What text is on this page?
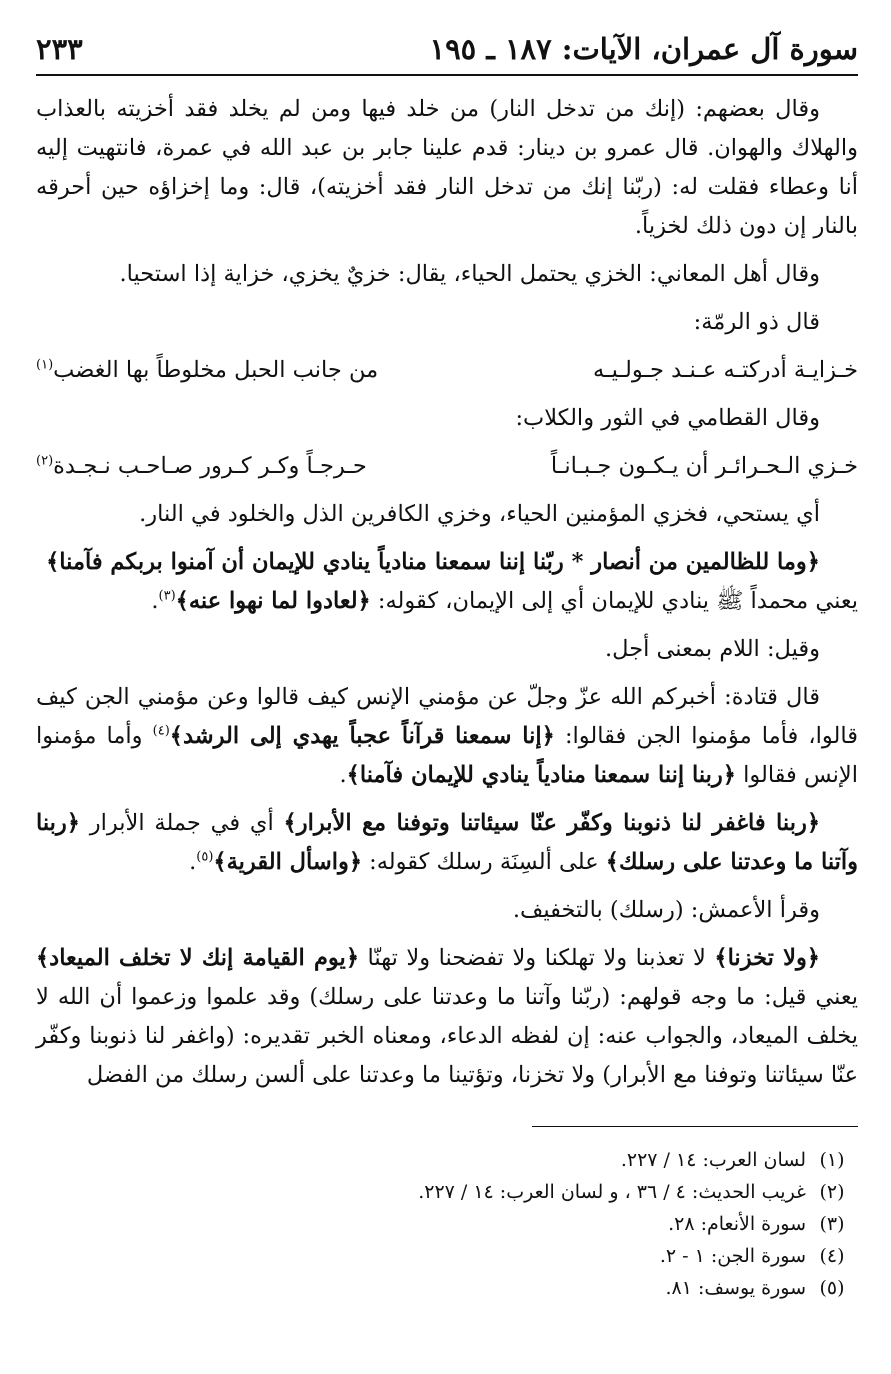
سورة آل عمران، الآيات: ١٨٧ ـ ١٩٥
٢٣٣

وقال بعضهم: (إنك من تدخل النار) من خلد فيها ومن لم يخلد فقد أخزيته بالعذاب والهلاك والهوان. قال عمرو بن دينار: قدم علينا جابر بن عبد الله في عمرة، فانتهيت إليه أنا وعطاء فقلت له: (ربّنا إنك من تدخل النار فقد أخزيته)، قال: وما إخزاؤه حين أحرقه بالنار إن دون ذلك لخزياً.

وقال أهل المعاني: الخزي يحتمل الحياء، يقال: خزيٌ يخزي، خزاية إذا استحيا.

قال ذو الرمّة:

خـزايـة أدركتـه عـنـد جـولـيـه
من جانب الحبل مخلوطاً بها الغضب$^{(١)}$

وقال القطامي في الثور والكلاب:

خـزي الـحـرائـر أن يـكـون جـبـانـاً
حـرجـاً وكـر كـرور صـاحـب نـجـدة$^{(٢)}$

أي يستحي، فخزي المؤمنين الحياء، وخزي الكافرين الذل والخلود في النار.

﴿وما للظالمين من أنصار * ربّنا إننا سمعنا منادياً ينادي للإيمان أن آمنوا بربكم فآمنا﴾
يعني محمداً ﷺ ينادي للإيمان أي إلى الإيمان، كقوله: ﴿لعادوا لما نهوا عنه﴾$^{(٣)}$.

وقيل: اللام بمعنى أجل.

قال قتادة: أخبركم الله عزّ وجلّ عن مؤمني الإنس كيف قالوا وعن مؤمني الجن كيف قالوا، فأما مؤمنوا الجن فقالوا: ﴿إنا سمعنا قرآناً عجباً يهدي إلى الرشد﴾$^{(٤)}$ وأما مؤمنوا الإنس فقالوا ﴿ربنا إننا سمعنا منادياً ينادي للإيمان فآمنا﴾.

﴿ربنا فاغفر لنا ذنوبنا وكفّر عنّا سيئاتنا وتوفنا مع الأبرار﴾ أي في جملة الأبرار ﴿ربنا وآتنا ما وعدتنا على رسلك﴾ على ألسِنَة رسلك كقوله: ﴿واسأل القرية﴾$^{(٥)}$.

وقرأ الأعمش: (رسلك) بالتخفيف.

﴿ولا تخزنا﴾ لا تعذبنا ولا تهلكنا ولا تفضحنا ولا تهنّا ﴿يوم القيامة إنك لا تخلف الميعاد﴾ يعني قيل: ما وجه قولهم: (ربّنا وآتنا ما وعدتنا على رسلك) وقد علموا وزعموا أن الله لا يخلف الميعاد، والجواب عنه: إن لفظه الدعاء، ومعناه الخبر تقديره: (واغفر لنا ذنوبنا وكفّر عنّا سيئاتنا وتوفنا مع الأبرار) ولا تخزنا، وتؤتينا ما وعدتنا على ألسن رسلك من الفضل

(١)
لسان العرب: ١٤ / ٢٢٧.
(٢)
غريب الحديث: ٤ / ٣٦ ، و لسان العرب: ١٤ / ٢٢٧.
(٣)
سورة الأنعام: ٢٨.
(٤)
سورة الجن: ١ - ٢.
(٥)
سورة يوسف: ٨١.
